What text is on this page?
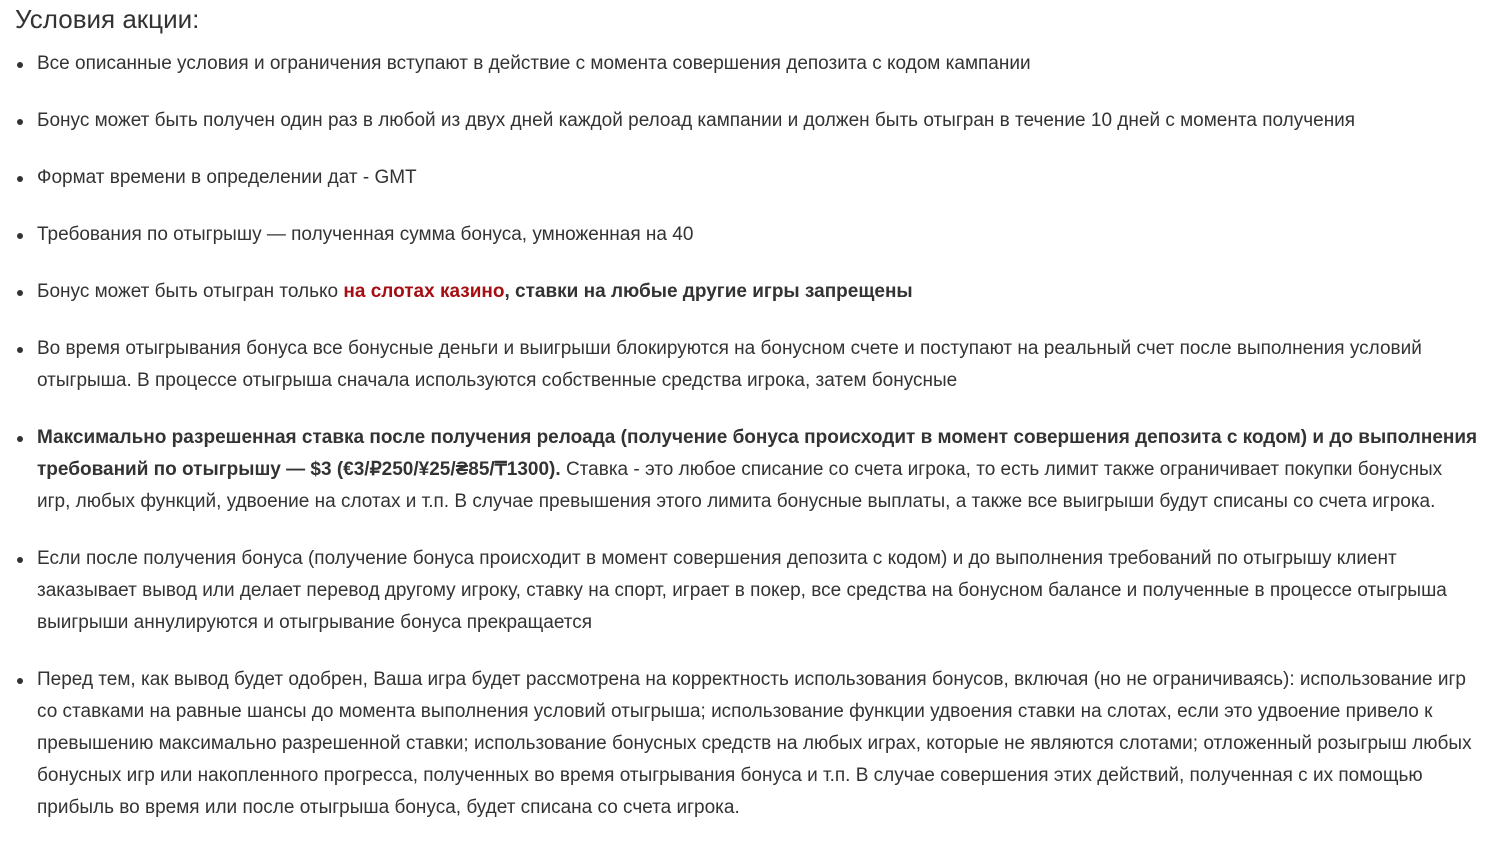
Условия акции:
Все описанные условия и ограничения вступают в действие с момента совершения депозита с кодом кампании
Бонус может быть получен один раз в любой из двух дней каждой релоад кампании и должен быть отыгран в течение 10 дней с момента получения
Формат времени в определении дат - GMT
Требования по отыгрышу — полученная сумма бонуса, умноженная на 40
Бонус может быть отыгран только на слотах казино, ставки на любые другие игры запрещены
Во время отыгрывания бонуса все бонусные деньги и выигрыши блокируются на бонусном счете и поступают на реальный счет после выполнения условий отыгрыша. В процессе отыгрыша сначала используются собственные средства игрока, затем бонусные
Максимально разрешенная ставка после получения релоада (получение бонуса происходит в момент совершения депозита с кодом) и до выполнения требований по отыгрышу — $3 (€3/₽250/¥25/₴85/₸1300). Ставка - это любое списание со счета игрока, то есть лимит также ограничивает покупки бонусных игр, любых функций, удвоение на слотах и т.п. В случае превышения этого лимита бонусные выплаты, а также все выигрыши будут списаны со счета игрока.
Если после получения бонуса (получение бонуса происходит в момент совершения депозита с кодом) и до выполнения требований по отыгрышу клиент заказывает вывод или делает перевод другому игроку, ставку на спорт, играет в покер, все средства на бонусном балансе и полученные в процессе отыгрыша выигрыши аннулируются и отыгрывание бонуса прекращается
Перед тем, как вывод будет одобрен, Ваша игра будет рассмотрена на корректность использования бонусов, включая (но не ограничиваясь): использование игр со ставками на равные шансы до момента выполнения условий отыгрыша; использование функции удвоения ставки на слотах, если это удвоение привело к превышению максимально разрешенной ставки; использование бонусных средств на любых играх, которые не являются слотами; отложенный розыгрыш любых бонусных игр или накопленного прогресса, полученных во время отыгрывания бонуса и т.п. В случае совершения этих действий, полученная с их помощью прибыль во время или после отыгрыша бонуса, будет списана со счета игрока.
